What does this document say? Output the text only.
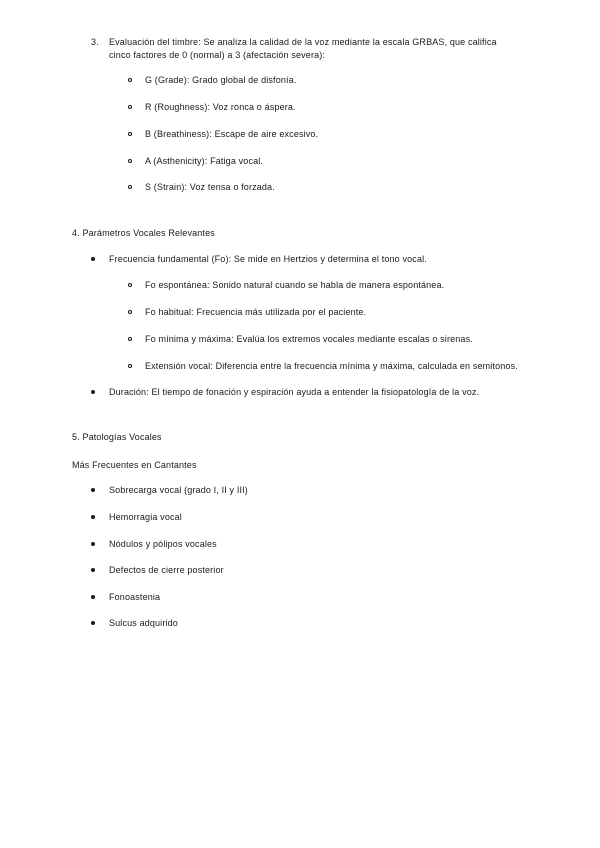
3. Evaluación del timbre: Se analiza la calidad de la voz mediante la escala GRBAS, que califica
cinco factores de 0 (normal) a 3 (afectación severa):
G (Grade): Grado global de disfonía.
R (Roughness): Voz ronca o áspera.
B (Breathiness): Escape de aire excesivo.
A (Asthenicity): Fatiga vocal.
S (Strain): Voz tensa o forzada.
4. Parámetros Vocales Relevantes
Frecuencia fundamental (Fo): Se mide en Hertzios y determina el tono vocal.
Fo espontánea: Sonido natural cuando se habla de manera espontánea.
Fo habitual: Frecuencia más utilizada por el paciente.
Fo mínima y máxima: Evalúa los extremos vocales mediante escalas o sirenas.
Extensión vocal: Diferencia entre la frecuencia mínima y máxima, calculada en semitonos.
Duración: El tiempo de fonación y espiración ayuda a entender la fisiopatología de la voz.
5. Patologías Vocales
Más Frecuentes en Cantantes
Sobrecarga vocal (grado I, II y III)
Hemorragia vocal
Nódulos y pólipos vocales
Defectos de cierre posterior
Fonoastenia
Sulcus adquirido
